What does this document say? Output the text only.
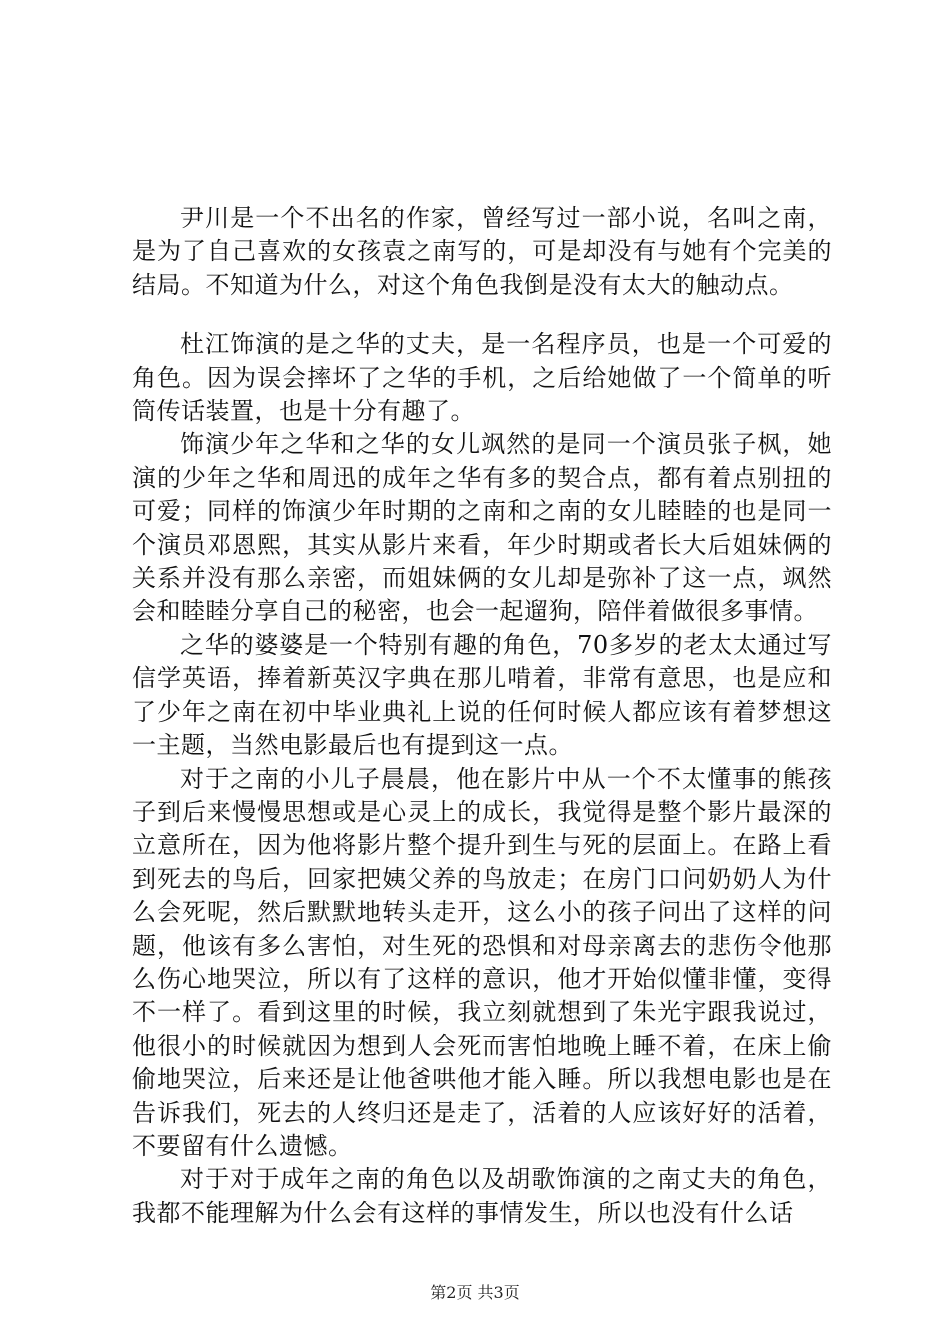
尹川是一个不出名的作家，曾经写过一部小说，名叫之南，是为了自己喜欢的女孩袁之南写的，可是却没有与她有个完美的结局。不知道为什么，对这个角色我倒是没有太大的触动点。

杜江饰演的是之华的丈夫，是一名程序员，也是一个可爱的角色。因为误会摔坏了之华的手机，之后给她做了一个简单的听筒传话装置，也是十分有趣了。

饰演少年之华和之华的女儿飒然的是同一个演员张子枫，她演的少年之华和周迅的成年之华有多的契合点，都有着点别扭的可爱；同样的饰演少年时期的之南和之南的女儿睦睦的也是同一个演员邓恩熙，其实从影片来看，年少时期或者长大后姐妹俩的关系并没有那么亲密，而姐妹俩的女儿却是弥补了这一点，飒然会和睦睦分享自己的秘密，也会一起遛狗，陪伴着做很多事情。

之华的婆婆是一个特别有趣的角色，70多岁的老太太通过写信学英语，捧着新英汉字典在那儿啃着，非常有意思，也是应和了少年之南在初中毕业典礼上说的任何时候人都应该有着梦想这一主题，当然电影最后也有提到这一点。

对于之南的小儿子晨晨，他在影片中从一个不太懂事的熊孩子到后来慢慢思想或是心灵上的成长，我觉得是整个影片最深的立意所在，因为他将影片整个提升到生与死的层面上。在路上看到死去的鸟后，回家把姨父养的鸟放走；在房门口问奶奶人为什么会死呢，然后默默地转头走开，这么小的孩子问出了这样的问题，他该有多么害怕，对生死的恐惧和对母亲离去的悲伤令他那么伤心地哭泣，所以有了这样的意识，他才开始似懂非懂，变得不一样了。看到这里的时候，我立刻就想到了朱光宇跟我说过，他很小的时候就因为想到人会死而害怕地晚上睡不着，在床上偷偷地哭泣，后来还是让他爸哄他才能入睡。所以我想电影也是在告诉我们，死去的人终归还是走了，活着的人应该好好的活着，不要留有什么遗憾。

对于对于成年之南的角色以及胡歌饰演的之南丈夫的角色，我都不能理解为什么会有这样的事情发生，所以也没有什么话

第2页 共3页
